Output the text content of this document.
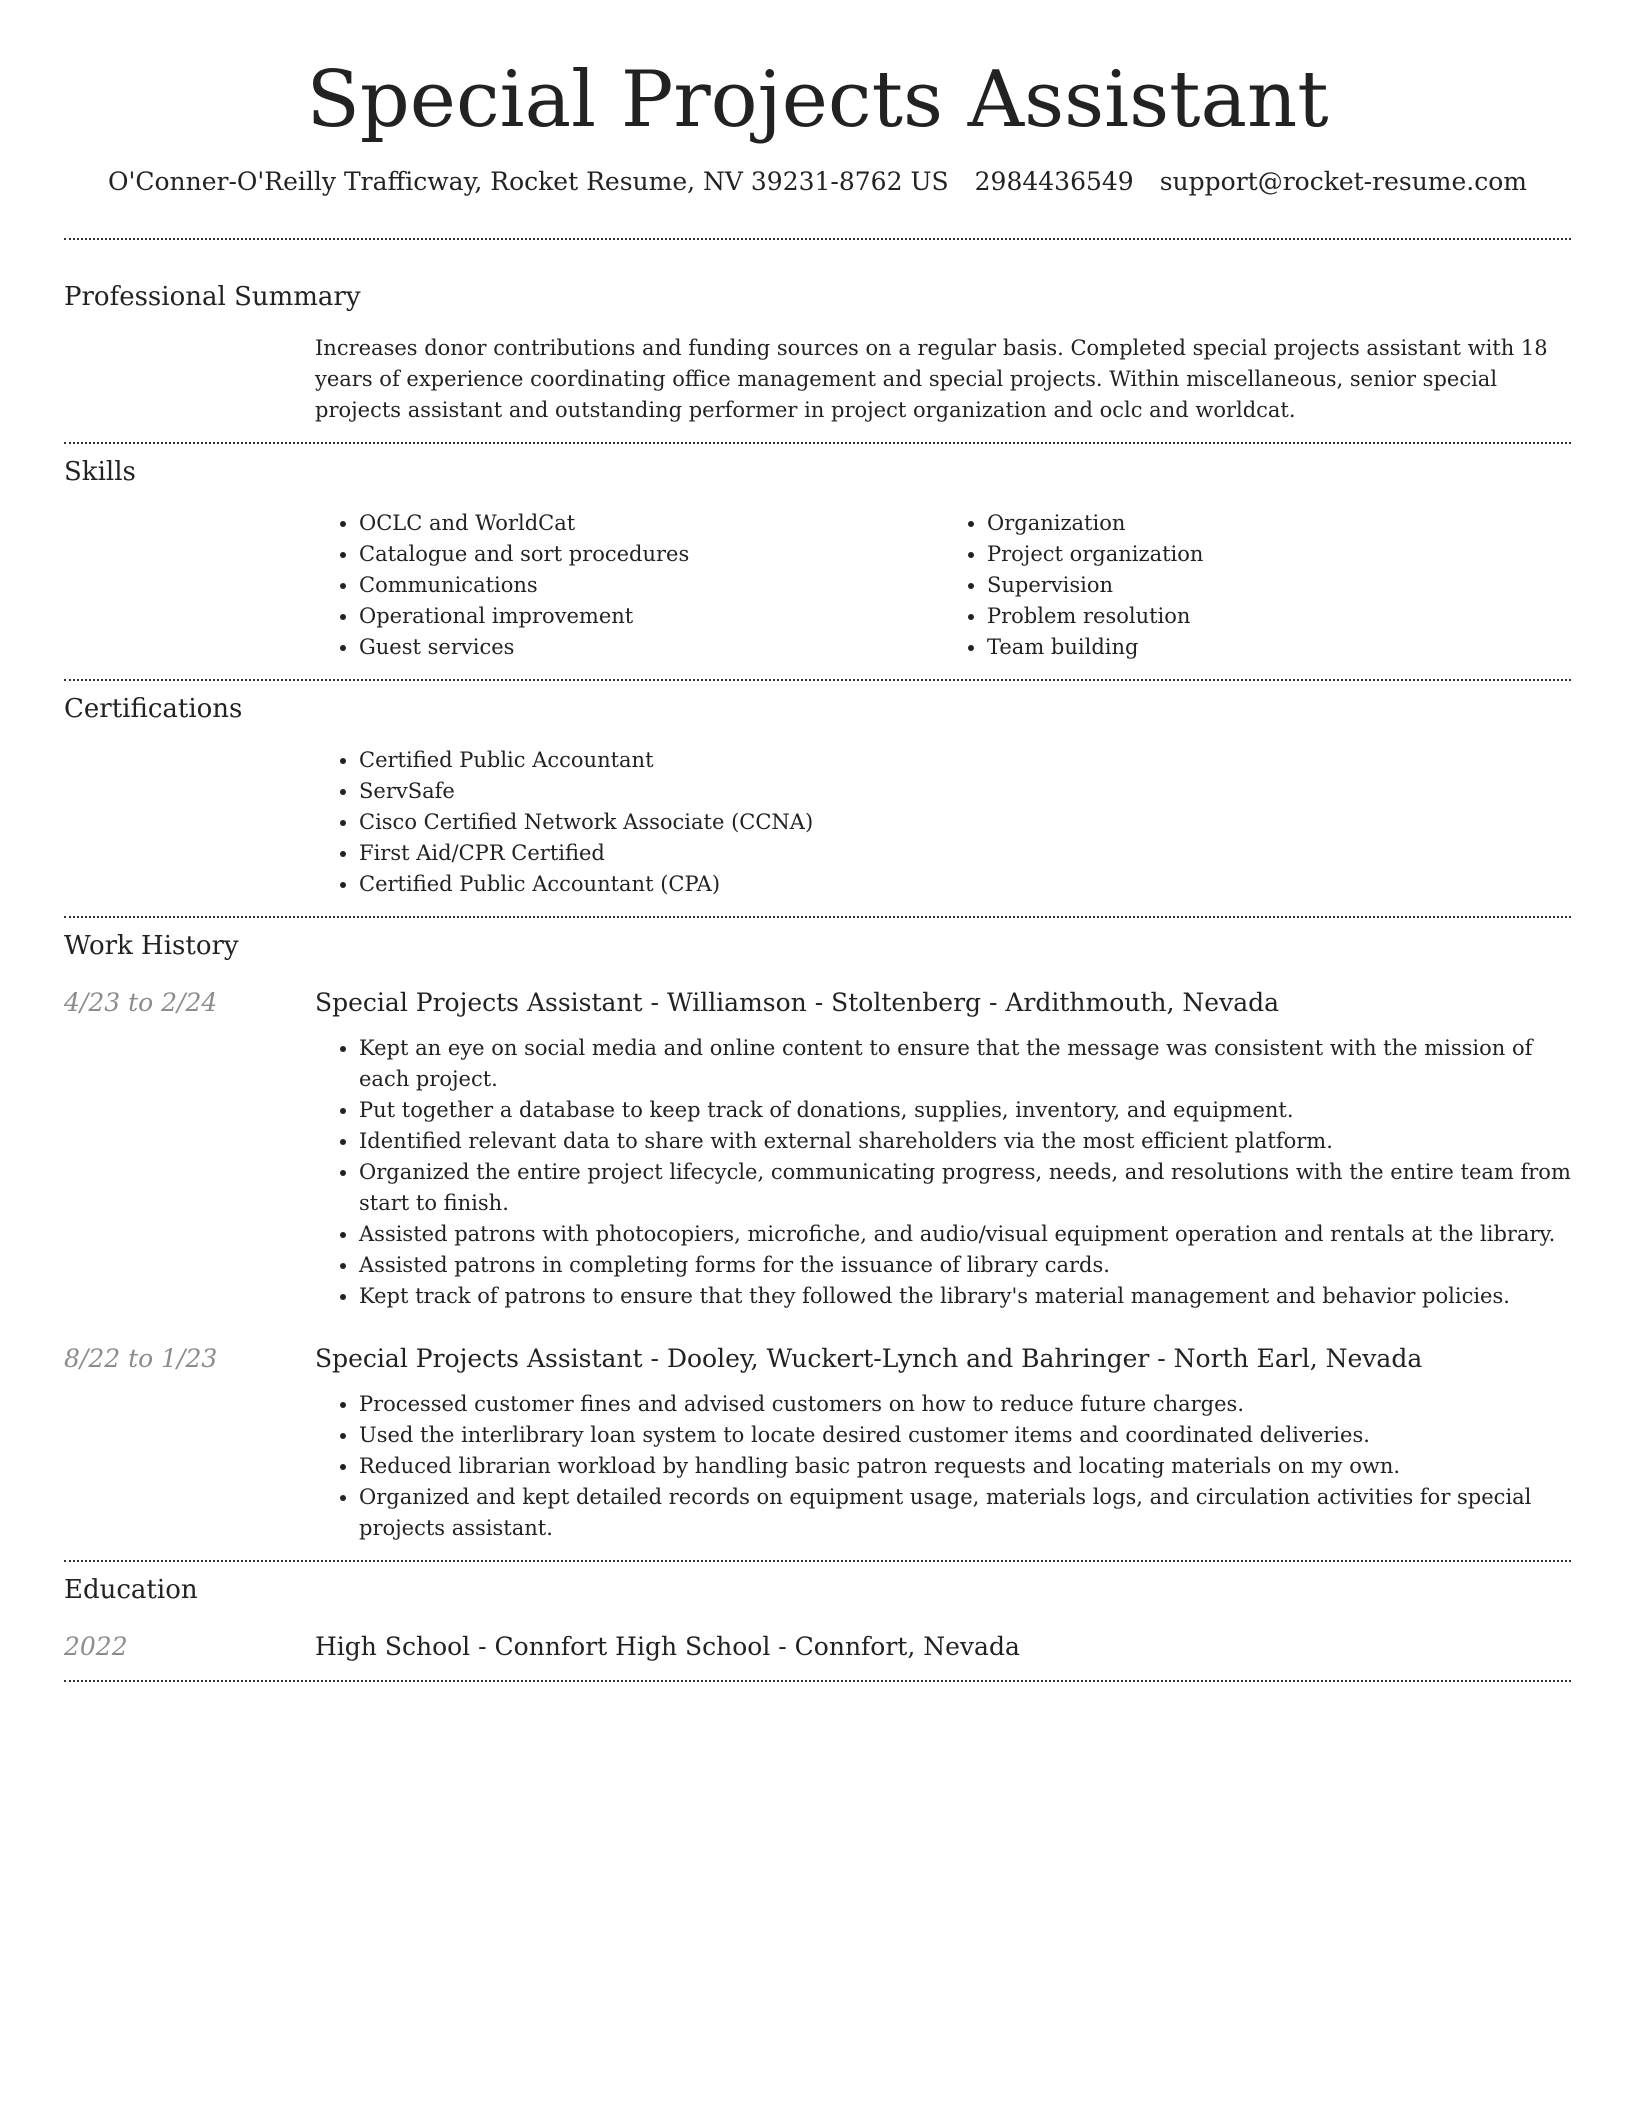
Special Projects Assistant
O'Conner-O'Reilly Trafficway, Rocket Resume, NV 39231-8762 US 2984436549 support@rocket-resume.com
Professional Summary
Increases donor contributions and funding sources on a regular basis. Completed special projects assistant with 18 years of experience coordinating office management and special projects. Within miscellaneous, senior special projects assistant and outstanding performer in project organization and oclc and worldcat.
Skills
• OCLC and WorldCat
• Catalogue and sort procedures
• Communications
• Operational improvement
• Guest services
• Organization
• Project organization
• Supervision
• Problem resolution
• Team building
Certifications
• Certified Public Accountant
• ServSafe
• Cisco Certified Network Associate (CCNA)
• First Aid/CPR Certified
• Certified Public Accountant (CPA)
Work History
4/23 to 2/24	Special Projects Assistant - Williamson - Stoltenberg - Ardithmouth, Nevada
• Kept an eye on social media and online content to ensure that the message was consistent with the mission of each project.
• Put together a database to keep track of donations, supplies, inventory, and equipment.
• Identified relevant data to share with external shareholders via the most efficient platform.
• Organized the entire project lifecycle, communicating progress, needs, and resolutions with the entire team from start to finish.
• Assisted patrons with photocopiers, microfiche, and audio/visual equipment operation and rentals at the library.
• Assisted patrons in completing forms for the issuance of library cards.
• Kept track of patrons to ensure that they followed the library's material management and behavior policies.
8/22 to 1/23	Special Projects Assistant - Dooley, Wuckert-Lynch and Bahringer - North Earl, Nevada
• Processed customer fines and advised customers on how to reduce future charges.
• Used the interlibrary loan system to locate desired customer items and coordinated deliveries.
• Reduced librarian workload by handling basic patron requests and locating materials on my own.
• Organized and kept detailed records on equipment usage, materials logs, and circulation activities for special projects assistant.
Education
2022	High School - Connfort High School - Connfort, Nevada
